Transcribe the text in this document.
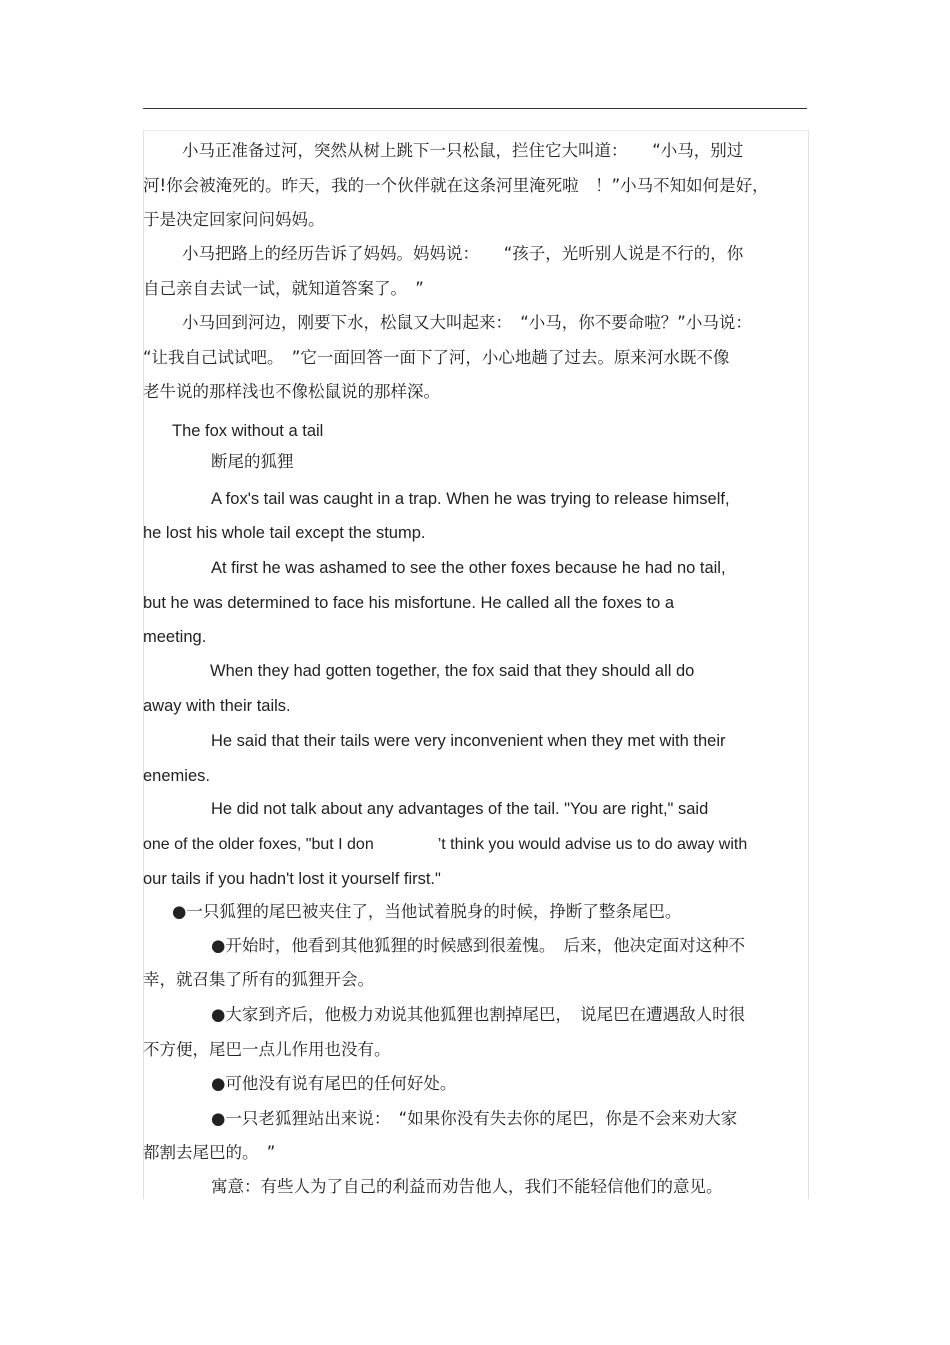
小马正准备过河，突然从树上跳下一只松鼠，拦住它大叫道：　　“小马，别过
河!你会被淹死的。昨天，我的一个伙伴就在这条河里淹死啦　！”小马不知如何是好，
于是决定回家问问妈妈。
小马把路上的经历告诉了妈妈。妈妈说：　　“孩子，光听别人说是不行的，你
自己亲自去试一试，就知道答案了。　”
小马回到河边，刚要下水，松鼠又大叫起来：　“小马，你不要命啦？”小马说：
“让我自己试试吧。　”它一面回答一面下了河，小心地趟了过去。原来河水既不像
老牛说的那样浅也不像松鼠说的那样深。
The fox without a tail
断尾的狐狸
A fox's tail was caught in a trap. When he was trying to release himself,
he lost his whole tail except the stump.
At first he was ashamed to see the other foxes because he had no tail,
but he was determined to face his misfortune. He called all the foxes to a
meeting.
When they had gotten together, the fox said that they should all do
away with their tails.
He said that their tails were very inconvenient when they met with their
enemies.
He did not talk about any advantages of the tail. "You are right," said
one of the older foxes, "but I don　　　　’t think you would advise us to do away with
our tails if you hadn't lost it yourself first."
●一只狐狸的尾巴被夹住了，当他试着脱身的时候，挣断了整条尾巴。
●开始时，他看到其他狐狸的时候感到很羞愧。　后来，他决定面对这种不
幸，就召集了所有的狐狸开会。
●大家到齐后，他极力劝说其他狐狸也割掉尾巴，　说尾巴在遭遇敌人时很
不方便，尾巴一点儿作用也没有。
●可他没有说有尾巴的任何好处。
●一只老狐狸站出来说：　“如果你没有失去你的尾巴，你是不会来劝大家
都割去尾巴的。　”
寓意：有些人为了自己的利益而劝告他人，我们不能轻信他们的意见。
